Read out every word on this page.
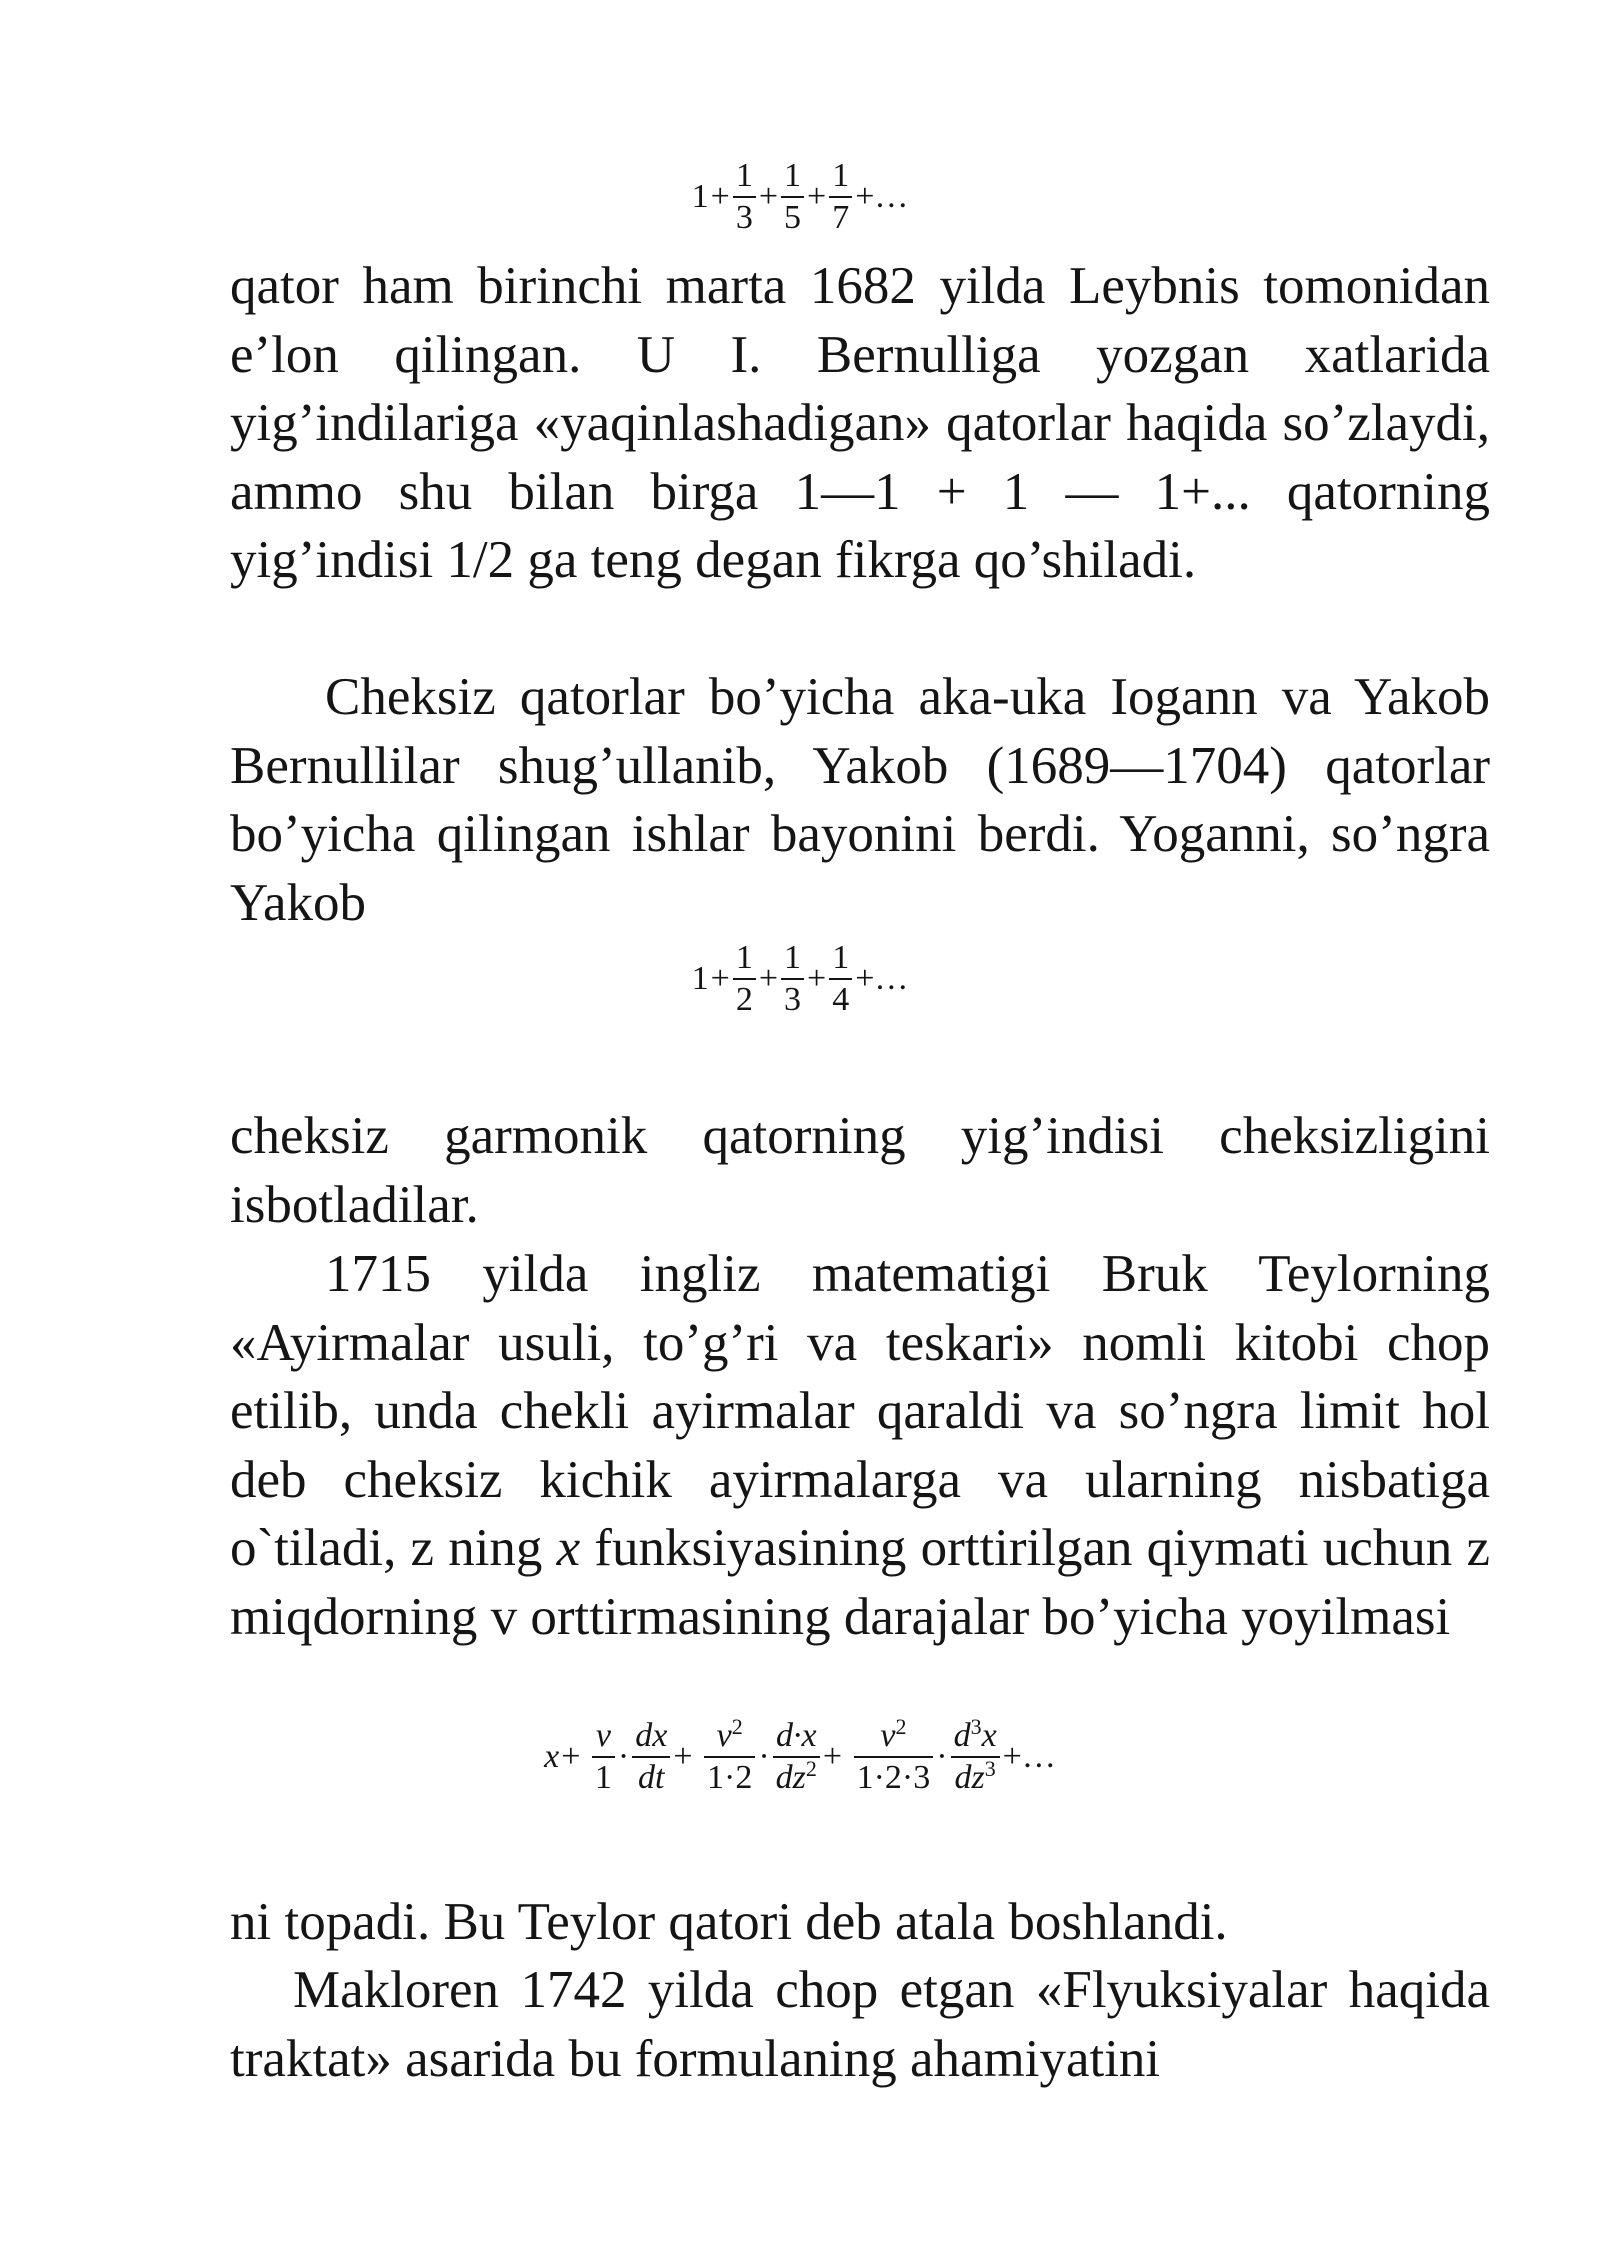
$1+ \frac{1}{3} + \frac{1}{5} + \frac{1}{7}$ +…

qator ham birinchi marta 1682 yilda Leybnis tomonidan e’lon qilingan. U I. Bernulliga yozgan xatlarida yig’indilariga «yaqinlashadigan» qatorlar haqida so’zlaydi, ammo shu bilan birga 1—1 + 1 — 1+... qatorning yig’indisi 1/2 ga teng degan fikrga qo’shiladi.

Cheksiz qatorlar bo’yicha aka-uka Iogann va Yakob Bernullilar shug’ullanib, Yakob (1689—1704) qatorlar bo’yicha qilingan ishlar bayonini berdi. Yoganni, so’ngra Yakob

$1+ \frac{1}{2} + \frac{1}{3} + \frac{1}{4}$ +…

cheksiz garmonik qatorning yig’indisi cheksizligini isbotladilar.

1715 yilda ingliz matematigi Bruk Teylorning «Ayirmalar usuli, to’g’ri va teskari» nomli kitobi chop etilib, unda chekli ayirmalar qaraldi va so’ngra limit hol deb cheksiz kichik ayirmalarga va ularning nisbatiga o`tiladi, z ning x funksiyasining orttirilgan qiymati uchun z miqdorning v orttirmasining darajalar bo’yicha yoyilmasi

$x+ \frac{v}{1} \cdot \frac{dx}{dt} + \frac{v^2}{1\cdot 2} \cdot \frac{d\cdot x}{dz^2} + \frac{v^2}{1\cdot 2\cdot 3} \cdot \frac{d^3x}{dz^3}$ +…

ni topadi. Bu Teylor qatori deb atala boshlandi.

Makloren 1742 yilda chop etgan «Flyuksiyalar haqida traktat» asarida bu formulaning ahamiyatini
